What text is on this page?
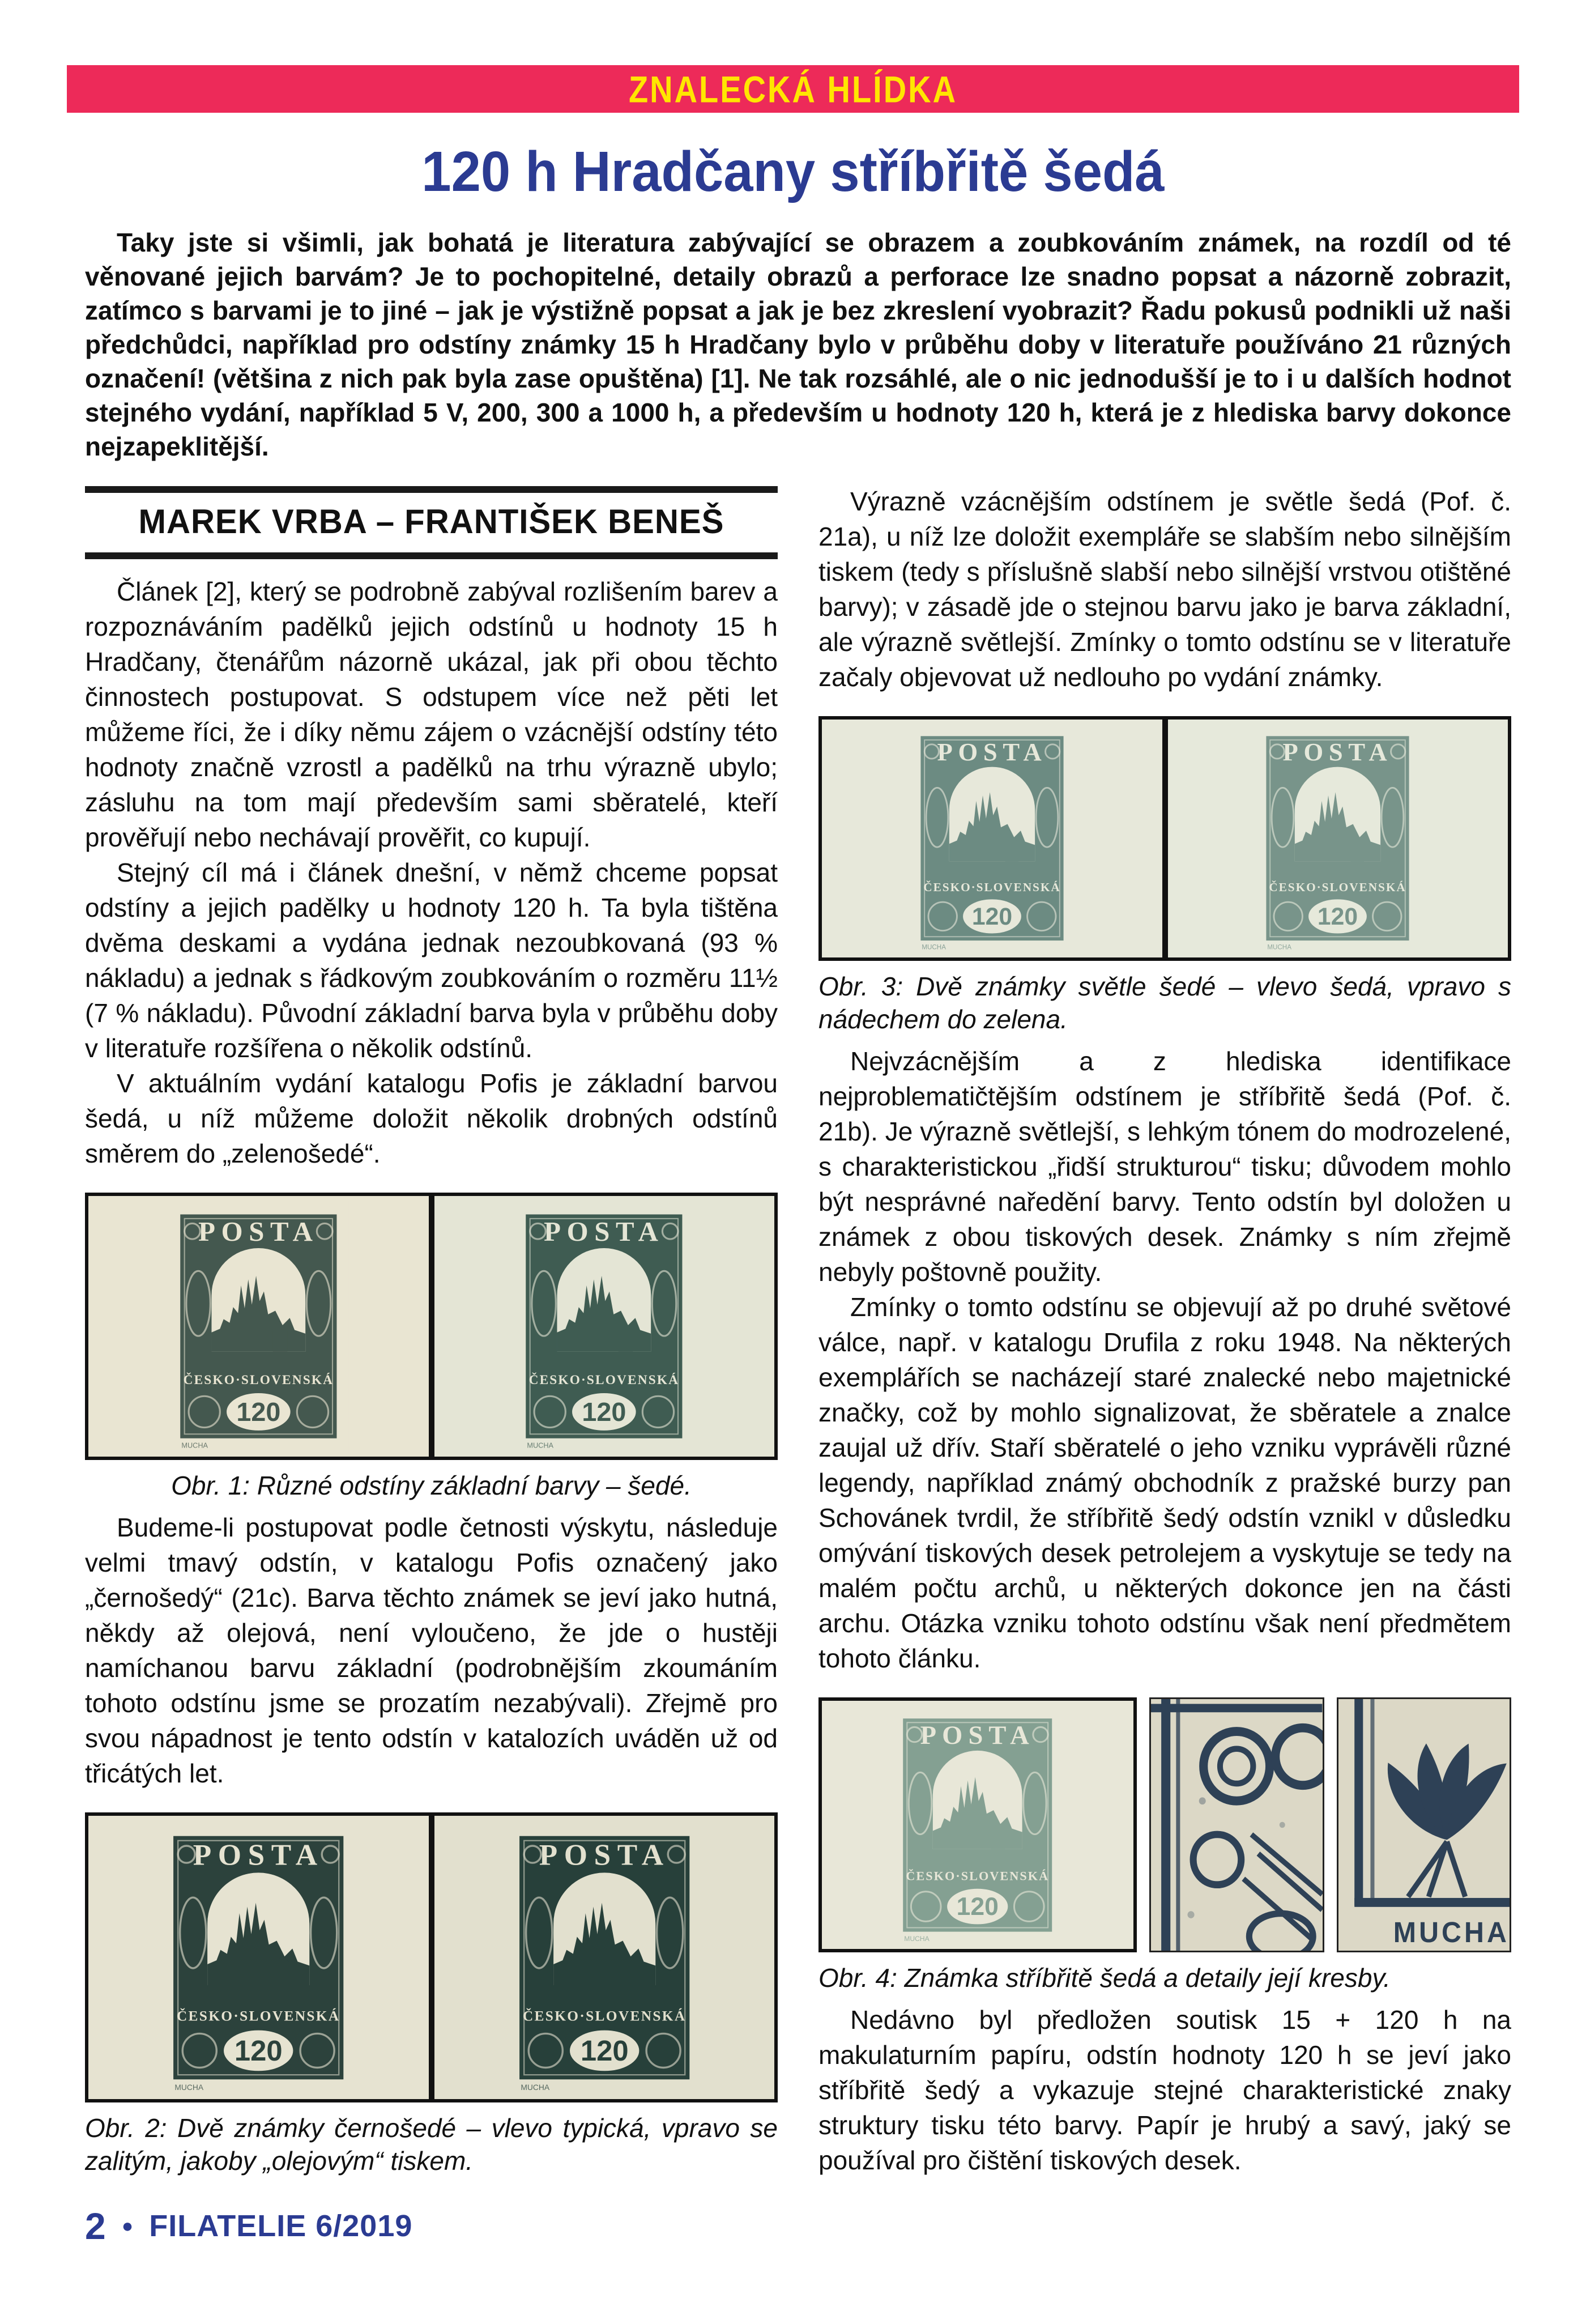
ZNALECKÁ HLÍDKA
120 h Hradčany stříbřitě šedá

Taky jste si všimli, jak bohatá je literatura zabývající se obrazem a zoubkováním známek, na rozdíl od té věnované jejich barvám? Je to pochopitelné, detaily obrazů a perforace lze snadno popsat a názorně zobrazit, zatímco s barvami je to jiné – jak je výstižně popsat a jak je bez zkreslení vyobrazit? Řadu pokusů podnikli už naši předchůdci, například pro odstíny známky 15 h Hradčany bylo v průběhu doby v literatuře používáno 21 různých označení! (většina z nich pak byla zase opuštěna) [1]. Ne tak rozsáhlé, ale o nic jednodušší je to i u dalších hodnot stejného vydání, například 5 V, 200, 300 a 1000 h, a především u hodnoty 120 h, která je z hlediska barvy dokonce nejzapeklitější.

MAREK VRBA – FRANTIŠEK BENEŠ

Článek [2], který se podrobně zabýval rozlišením barev a rozpoznáváním padělků jejich odstínů u hodnoty 15 h Hradčany, čtenářům názorně ukázal, jak při obou těchto činnostech postupovat. S odstupem více než pěti let můžeme říci, že i díky němu zájem o vzácnější odstíny této hodnoty značně vzrostl a padělků na trhu výrazně ubylo; zásluhu na tom mají především sami sběratelé, kteří prověřují nebo nechávají prověřit, co kupují.

Stejný cíl má i článek dnešní, v němž chceme popsat odstíny a jejich padělky u hodnoty 120 h. Ta byla tištěna dvěma deskami a vydána jednak nezoubkovaná (93 % nákladu) a jednak s řádkovým zoubkováním o rozměru 11½ (7 % nákladu). Původní základní barva byla v průběhu doby v literatuře rozšířena o několik odstínů.

V aktuálním vydání katalogu Pofis je základní barvou šedá, u níž můžeme doložit několik drobných odstínů směrem do „zelenošedé“.

POSTA
ČESKO·SLOVENSKÁ
120
MUCHA
POSTA
ČESKO·SLOVENSKÁ
120
MUCHA
Obr. 1: Různé odstíny základní barvy – šedé.

Budeme-li postupovat podle četnosti výskytu, následuje velmi tmavý odstín, v katalogu Pofis označený jako „černošedý“ (21c). Barva těchto známek se jeví jako hutná, někdy až olejová, není vyloučeno, že jde o hustěji namíchanou barvu základní (podrobnějším zkoumáním tohoto odstínu jsme se prozatím nezabývali). Zřejmě pro svou nápadnost je tento odstín v katalozích uváděn už od třicátých let.

POSTA
ČESKO·SLOVENSKÁ
120
MUCHA
POSTA
ČESKO·SLOVENSKÁ
120
MUCHA
Obr. 2: Dvě známky černošedé – vlevo typická, vpravo se zalitým, jakoby „olejovým“ tiskem.
2 ● FILATELIE 6/2019

Výrazně vzácnějším odstínem je světle šedá (Pof. č. 21a), u níž lze doložit exempláře se slabším nebo silnějším tiskem (tedy s příslušně slabší nebo silnější vrstvou otištěné barvy); v zásadě jde o stejnou barvu jako je barva základní, ale výrazně světlejší. Zmínky o tomto odstínu se v literatuře začaly objevovat už nedlouho po vydání známky.

POSTA
ČESKO·SLOVENSKÁ
120
MUCHA
POSTA
ČESKO·SLOVENSKÁ
120
MUCHA
Obr. 3: Dvě známky světle šedé – vlevo šedá, vpravo s nádechem do zelena.

Nejvzácnějším a z hlediska identifikace nejproblematičtějším odstínem je stříbřitě šedá (Pof. č. 21b). Je výrazně světlejší, s lehkým tónem do modrozelené, s charakteristickou „řidší strukturou“ tisku; důvodem mohlo být nesprávné naředění barvy. Tento odstín byl doložen u známek z obou tiskových desek. Známky s ním zřejmě nebyly poštovně použity.

Zmínky o tomto odstínu se objevují až po druhé světové válce, např. v katalogu Drufila z roku 1948. Na některých exemplářích se nacházejí staré znalecké nebo majetnické značky, což by mohlo signalizovat, že sběratele a znalce zaujal už dřív. Staří sběratelé o jeho vzniku vyprávěli různé legendy, například známý obchodník z pražské burzy pan Schovánek tvrdil, že stříbřitě šedý odstín vznikl v důsledku omývání tiskových desek petrolejem a vyskytuje se tedy na malém počtu archů, u některých dokonce jen na části archu. Otázka vzniku tohoto odstínu však není předmětem tohoto článku.

POSTA
ČESKO·SLOVENSKÁ
120
MUCHA	MUCHA
Obr. 4: Známka stříbřitě šedá a detaily její kresby.

Nedávno byl předložen soutisk 15 + 120 h na makulaturním papíru, odstín hodnoty 120 h se jeví jako stříbřitě šedý a vykazuje stejné charakteristické znaky struktury tisku této barvy. Papír je hrubý a savý, jaký se používal pro čištění tiskových desek.
